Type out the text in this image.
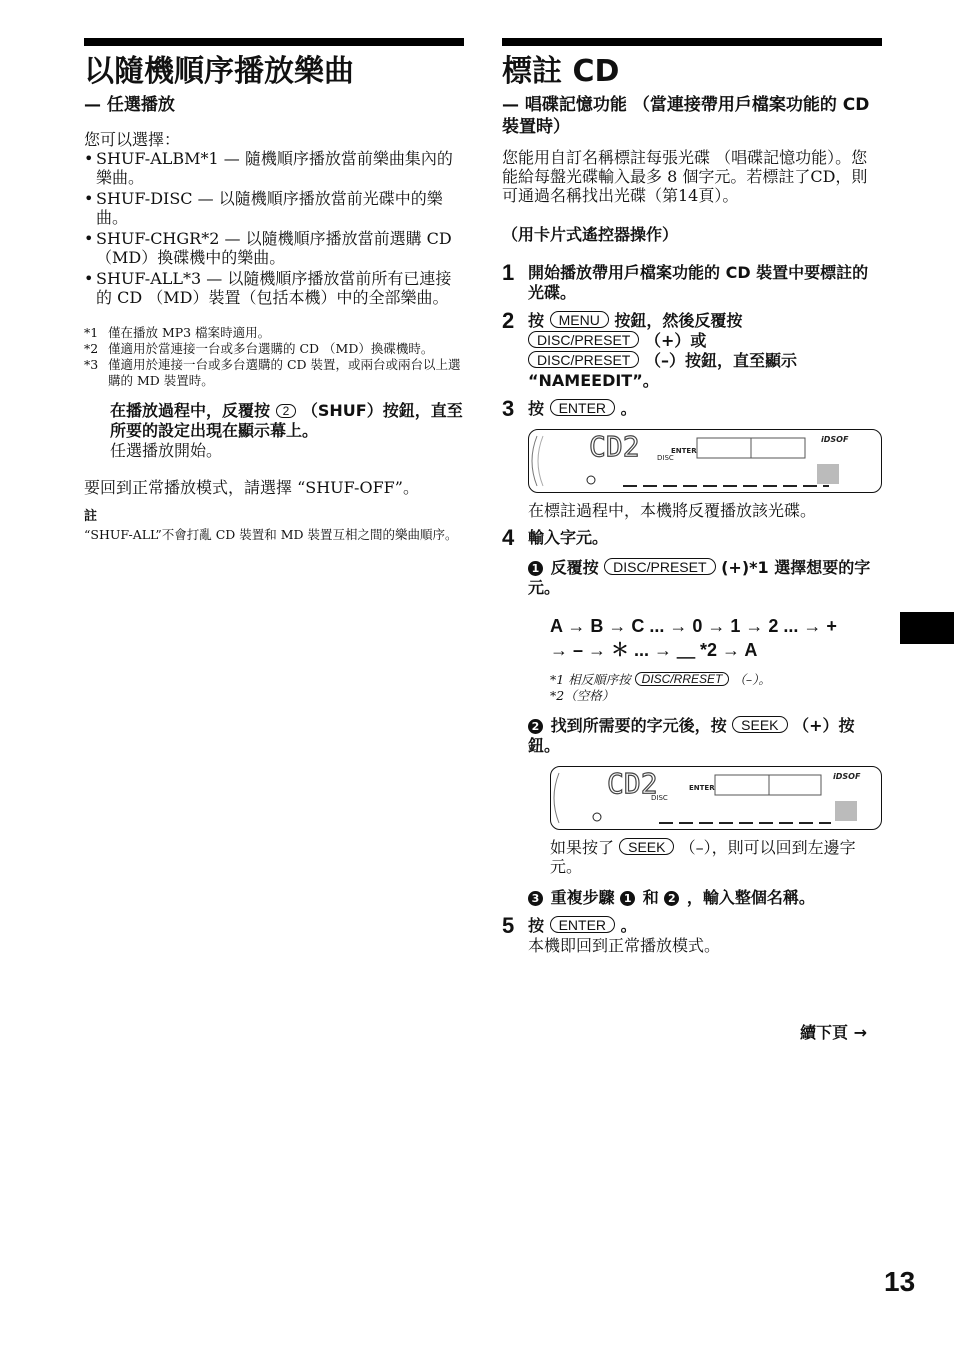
以隨機順序播放樂曲
— 任選播放
您可以選擇：
• SHUF-ALBM*1 — 隨機順序播放當前樂曲集內的樂曲。
• SHUF-DISC — 以隨機順序播放當前光碟中的樂曲。
• SHUF-CHGR*2 — 以隨機順序播放當前選購 CD （MD）換碟機中的樂曲。
• SHUF-ALL*3 — 以隨機順序播放當前所有已連接的 CD （MD）裝置（包括本機）中的全部樂曲。
*1 僅在播放 MP3 檔案時適用。
*2 僅適用於當連接一台或多台選購的 CD （MD）換碟機時。
*3 僅適用於連接一台或多台選購的 CD 裝置，或兩台或兩台以上選購的 MD 裝置時。
在播放過程中，反覆按 2 （SHUF）按鈕，直至所要的設定出現在顯示幕上。
任選播放開始。
要回到正常播放模式，請選擇 “SHUF-OFF”。
註
“SHUF-ALL”不會打亂 CD 裝置和 MD 裝置互相之間的樂曲順序。
標註 CD
— 唱碟記憶功能 （當連接帶用戶檔案功能的 CD 裝置時）
您能用自訂名稱標註每張光碟 （唱碟記憶功能）。您能給每盤光碟輸入最多 8 個字元。若標註了CD，則可通過名稱找出光碟（第14頁）。
（用卡片式遙控器操作）
1 開始播放帶用戶檔案功能的 CD 裝置中要標註的光碟。
2 按 MENU 按鈕，然後反覆按
DISC/PRESET （+）或
DISC/PRESET （–）按鈕，直至顯示 “NAMEEDIT”。
3 按 ENTER 。
CD2 DISC
ENTER
iDSOF
在標註過程中，本機將反覆播放該光碟。
4 輸入字元。
1 反覆按 DISC/PRESET (+)*1 選擇想要的字元。
A → B → C ... → 0 → 1 → 2 ... → +
→ – → ＊ ... → ＿ *2 → A
*1 相反順序按 DISC/RRESET （–）。
*2（空格）
2 找到所需要的字元後，按 SEEK （+）按鈕。
CD2
DISC
ENTER
iDSOF
如果按了 SEEK （–），則可以回到左邊字元。
3 重複步驟 1 和 2 ，輸入整個名稱。
5 按 ENTER 。
本機即回到正常播放模式。
續下頁 →
13
